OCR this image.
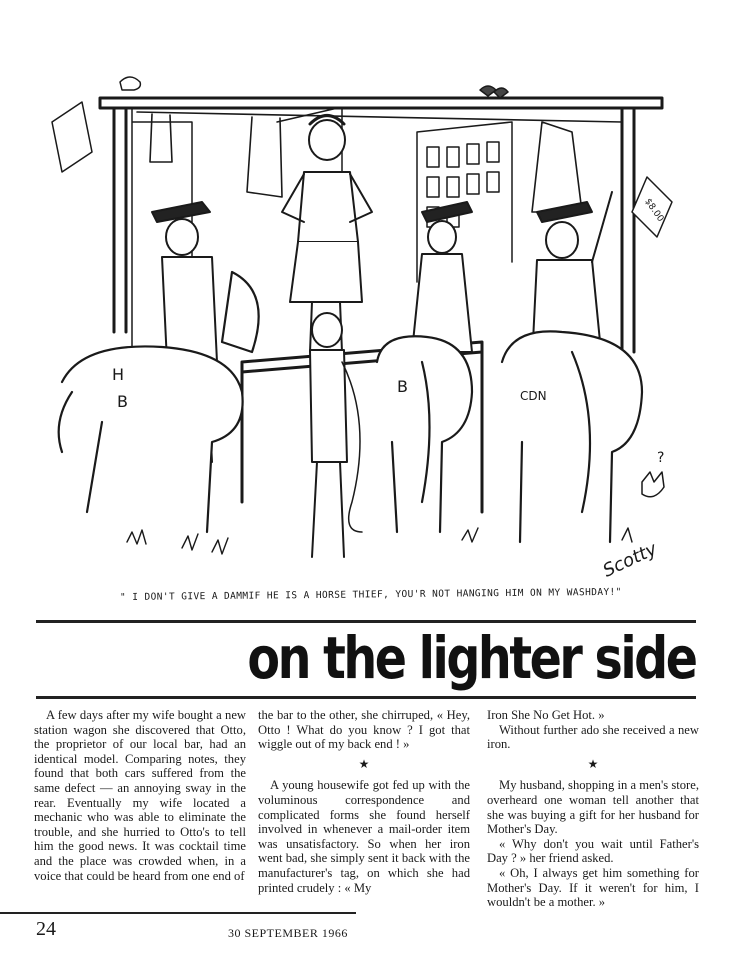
H
B
B	CDN
$8.00
?
Scotty
" I DON'T GIVE A DAMMIF HE IS A HORSE THIEF, YOU'R NOT HANGING HIM ON MY WASHDAY!"
on the lighter side

A few days after my wife bought a new station wagon she discovered that Otto, the proprietor of our local bar, had an identical model. Comparing notes, they found that both cars suffered from the same defect — an annoying sway in the rear. Eventually my wife located a mechanic who was able to eliminate the trouble, and she hurried to Otto's to tell him the good news. It was cocktail time and the place was crowded when, in a voice that could be heard from one end of

the bar to the other, she chirruped, « Hey, Otto ! What do you know ? I got that wiggle out of my back end ! »

★

A young housewife got fed up with the voluminous correspondence and complicated forms she found herself involved in whenever a mail-order item was unsatisfactory. So when her iron went bad, she simply sent it back with the manufacturer's tag, on which she had printed crudely : « My

Iron She No Get Hot. »

Without further ado she received a new iron.

★

My husband, shopping in a men's store, overheard one woman tell another that she was buying a gift for her husband for Mother's Day.

« Why don't you wait until Father's Day ? » her friend asked.

« Oh, I always get him something for Mother's Day. If it weren't for him, I wouldn't be a mother. »

24	30 SEPTEMBER 1966
